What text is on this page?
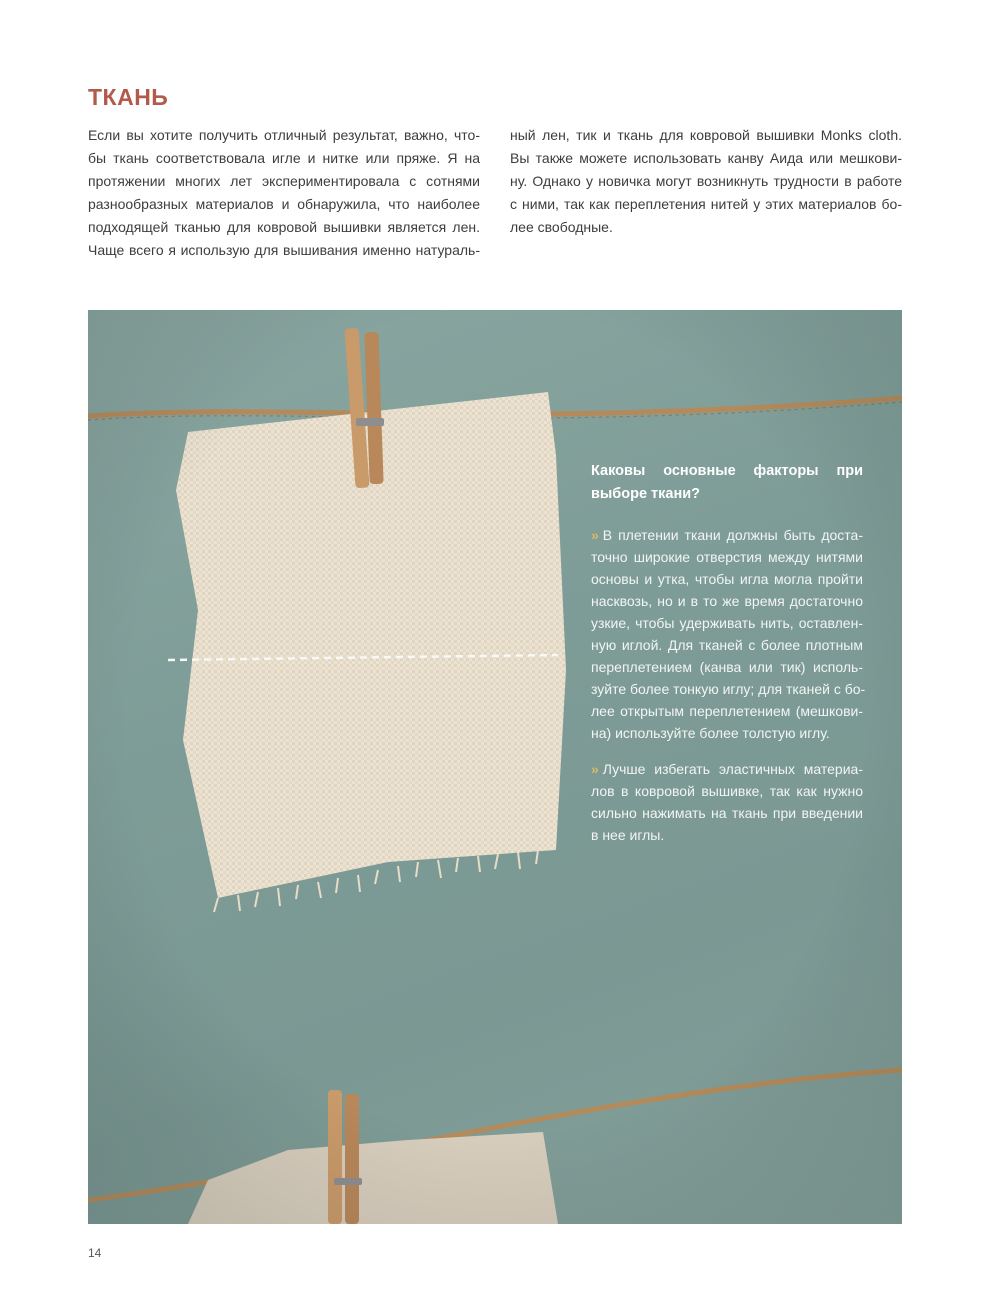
ТКАНЬ
Если вы хотите получить отличный результат, важно, что-
бы ткань соответствовала игле и нитке или пряже. Я на
протяжении многих лет экспериментировала с сотнями
разнообразных материалов и обнаружила, что наиболее
подходящей тканью для ковровой вышивки является лен.
Чаще всего я использую для вышивания именно натураль-
ный лен, тик и ткань для ковровой вышивки Monks cloth.
Вы также можете использовать канву Аида или мешкови-
ну. Однако у новичка могут возникнуть трудности в работе
с ними, так как переплетения нитей у этих материалов бо-
лее свободные.
Каковы основные факторы при
выборе ткани?
» В плетении ткани должны быть доста-
точно широкие отверстия между нитями
основы и утка, чтобы игла могла пройти
насквозь, но и в то же время достаточно
узкие, чтобы удерживать нить, оставлен-
ную иглой. Для тканей с более плотным
переплетением (канва или тик) исполь-
зуйте более тонкую иглу; для тканей с бо-
лее открытым переплетением (мешкови-
на) используйте более толстую иглу.
» Лучше избегать эластичных материа-
лов в ковровой вышивке, так как нужно
сильно нажимать на ткань при введении
в нее иглы.
14
